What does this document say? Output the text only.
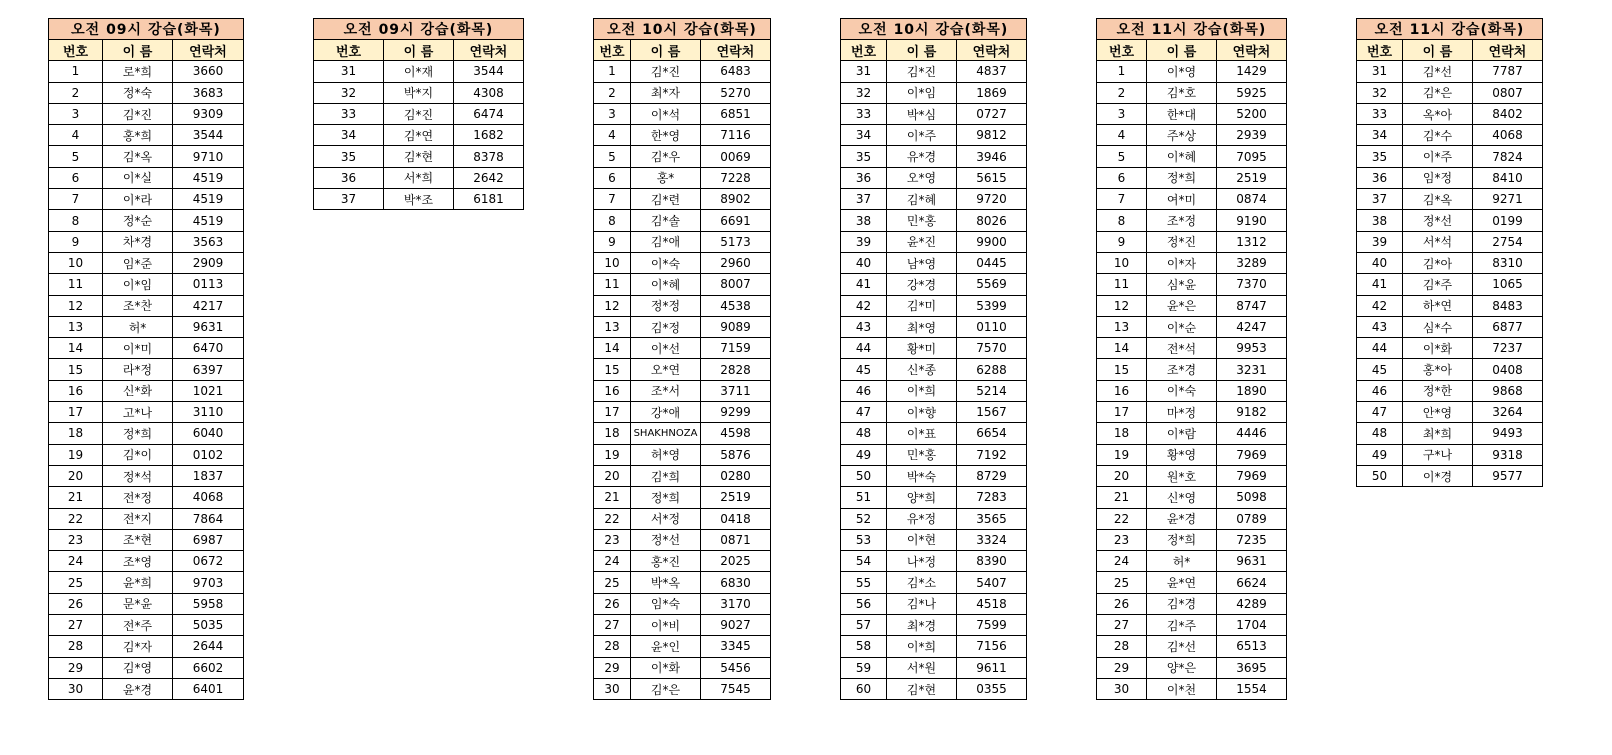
오전 09시 강습(화목)		
번호	이 름	연락처
1	로*희	3660
2	정*숙	3683
3	김*진	9309
4	홍*희	3544
5	김*옥	9710
6	이*실	4519
7	이*라	4519
8	정*순	4519
9	차*경	3563
10	임*준	2909
11	이*임	0113
12	조*찬	4217
13	허*	9631
14	이*미	6470
15	라*정	6397
16	신*화	1021
17	고*나	3110
18	정*희	6040
19	김*이	0102
20	정*석	1837
21	전*정	4068
22	전*지	7864
23	조*현	6987
24	조*영	0672
25	윤*희	9703
26	문*윤	5958
27	전*주	5035
28	김*자	2644
29	김*영	6602
30	윤*경	6401
오전 09시 강습(화목)		
번호	이 름	연락처
31	이*재	3544
32	박*지	4308
33	김*진	6474
34	김*연	1682
35	김*현	8378
36	서*희	2642
37	박*조	6181
오전 10시 강습(화목)		
번호	이 름	연락처
1	김*진	6483
2	최*자	5270
3	이*석	6851
4	한*영	7116
5	김*우	0069
6	홍*	7228
7	김*련	8902
8	김*솔	6691
9	김*애	5173
10	이*숙	2960
11	이*혜	8007
12	정*정	4538
13	김*정	9089
14	이*선	7159
15	오*연	2828
16	조*서	3711
17	강*애	9299
18	SHAKHNOZA	4598
19	허*영	5876
20	김*희	0280
21	정*희	2519
22	서*정	0418
23	정*선	0871
24	홍*진	2025
25	박*옥	6830
26	임*숙	3170
27	이*비	9027
28	윤*인	3345
29	이*화	5456
30	김*은	7545
오전 10시 강습(화목)		
번호	이 름	연락처
31	김*진	4837
32	이*임	1869
33	박*심	0727
34	이*주	9812
35	유*경	3946
36	오*영	5615
37	김*혜	9720
38	민*홍	8026
39	윤*진	9900
40	남*영	0445
41	강*경	5569
42	김*미	5399
43	최*영	0110
44	황*미	7570
45	신*종	6288
46	이*희	5214
47	이*향	1567
48	이*표	6654
49	민*홍	7192
50	박*숙	8729
51	양*희	7283
52	유*정	3565
53	이*현	3324
54	나*정	8390
55	김*소	5407
56	김*나	4518
57	최*경	7599
58	이*희	7156
59	서*원	9611
60	김*현	0355
오전 11시 강습(화목)		
번호	이 름	연락처
1	이*영	1429
2	김*호	5925
3	한*대	5200
4	주*상	2939
5	이*혜	7095
6	정*희	2519
7	여*미	0874
8	조*정	9190
9	정*진	1312
10	이*자	3289
11	심*윤	7370
12	윤*은	8747
13	이*순	4247
14	전*석	9953
15	조*경	3231
16	이*숙	1890
17	마*정	9182
18	이*람	4446
19	황*영	7969
20	원*호	7969
21	신*영	5098
22	윤*경	0789
23	정*희	7235
24	허*	9631
25	윤*연	6624
26	김*경	4289
27	김*주	1704
28	김*선	6513
29	양*은	3695
30	이*천	1554
오전 11시 강습(화목)		
번호	이 름	연락처
31	김*선	7787
32	김*은	0807
33	옥*아	8402
34	김*수	4068
35	이*주	7824
36	임*정	8410
37	김*옥	9271
38	정*선	0199
39	서*석	2754
40	김*아	8310
41	김*주	1065
42	하*연	8483
43	심*수	6877
44	이*화	7237
45	홍*아	0408
46	정*한	9868
47	안*영	3264
48	최*희	9493
49	구*나	9318
50	이*경	9577
